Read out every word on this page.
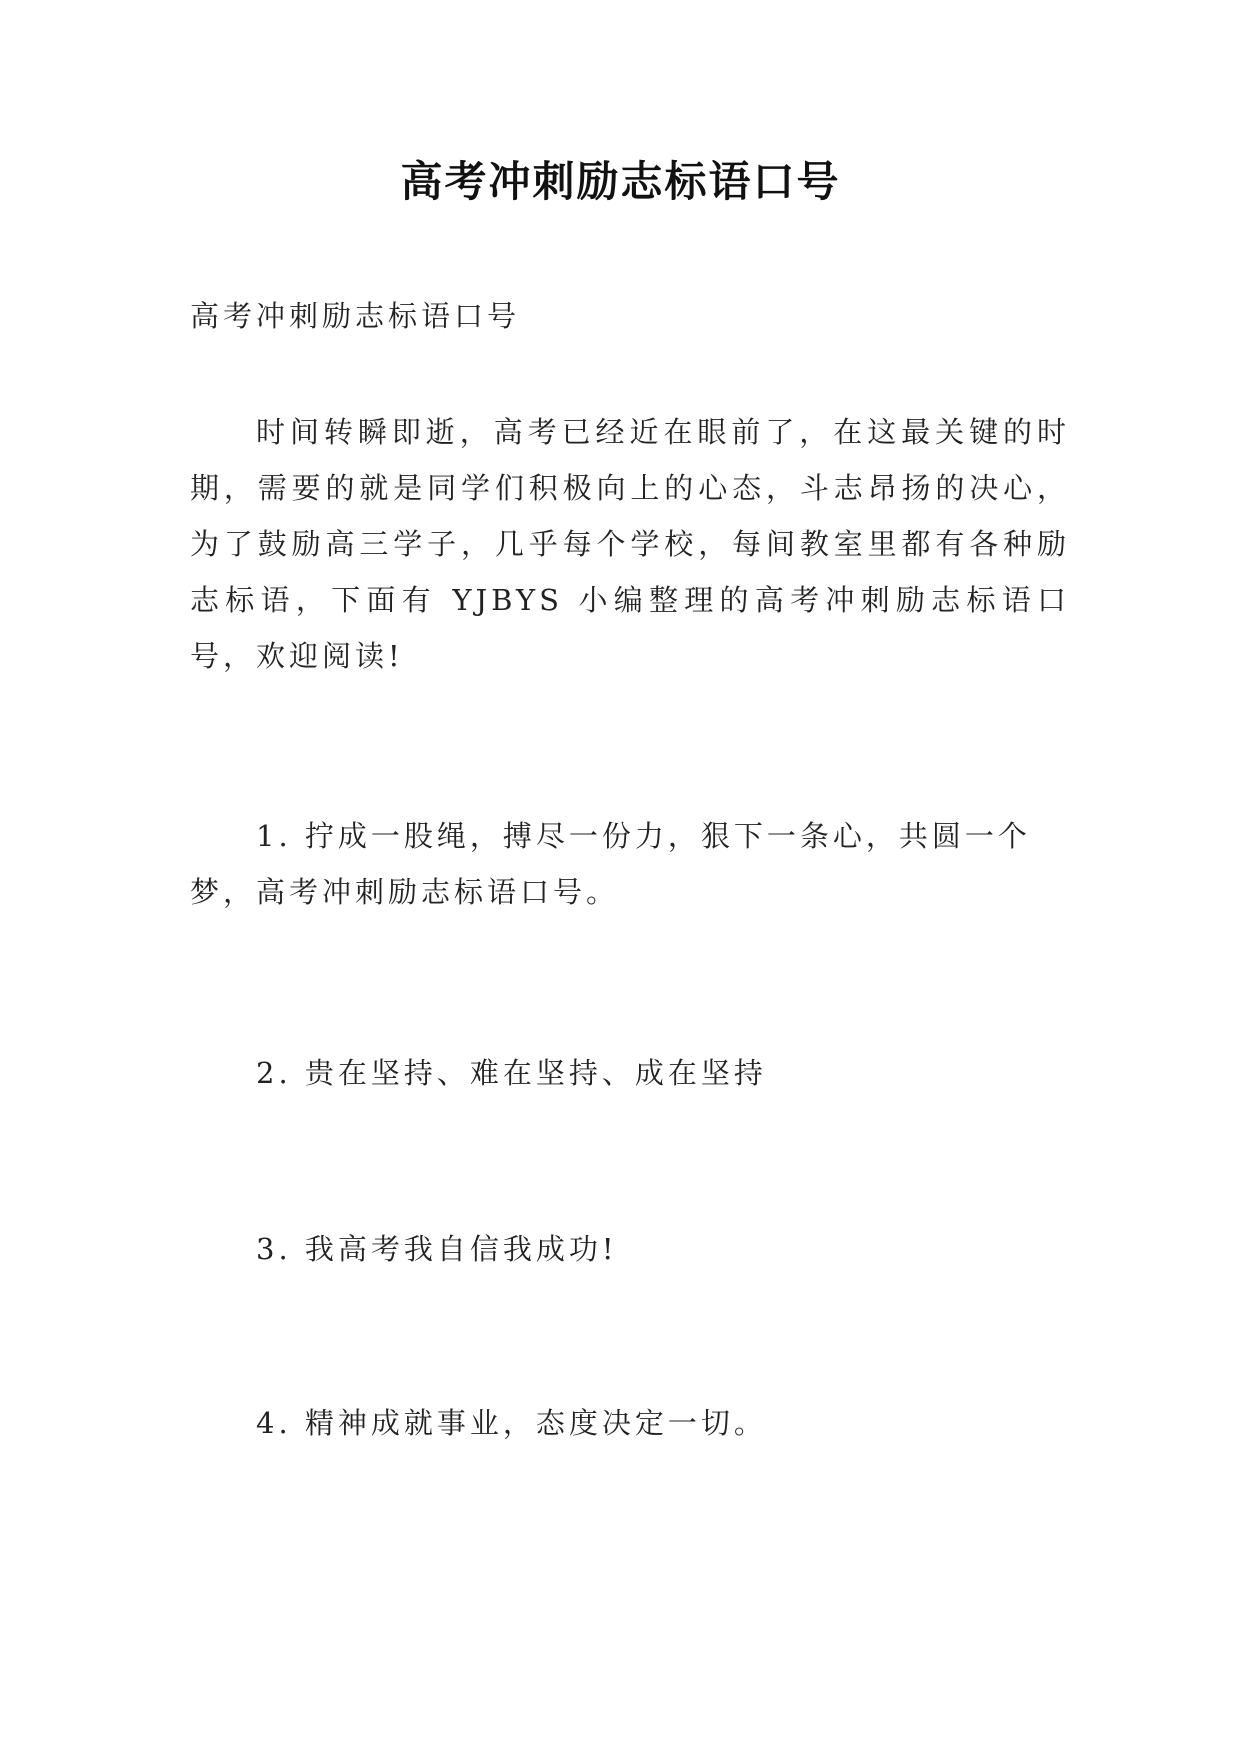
高考冲刺励志标语口号

高考冲刺励志标语口号

时间转瞬即逝，高考已经近在眼前了，在这最关键的时期，需要的就是同学们积极向上的心态，斗志昂扬的决心，为了鼓励高三学子，几乎每个学校，每间教室里都有各种励志标语，下面有 YJBYS 小编整理的高考冲刺励志标语口号，欢迎阅读!

1. 拧成一股绳，搏尽一份力，狠下一条心，共圆一个梦，高考冲刺励志标语口号。

2. 贵在坚持、难在坚持、成在坚持

3. 我高考我自信我成功!

4. 精神成就事业，态度决定一切。
